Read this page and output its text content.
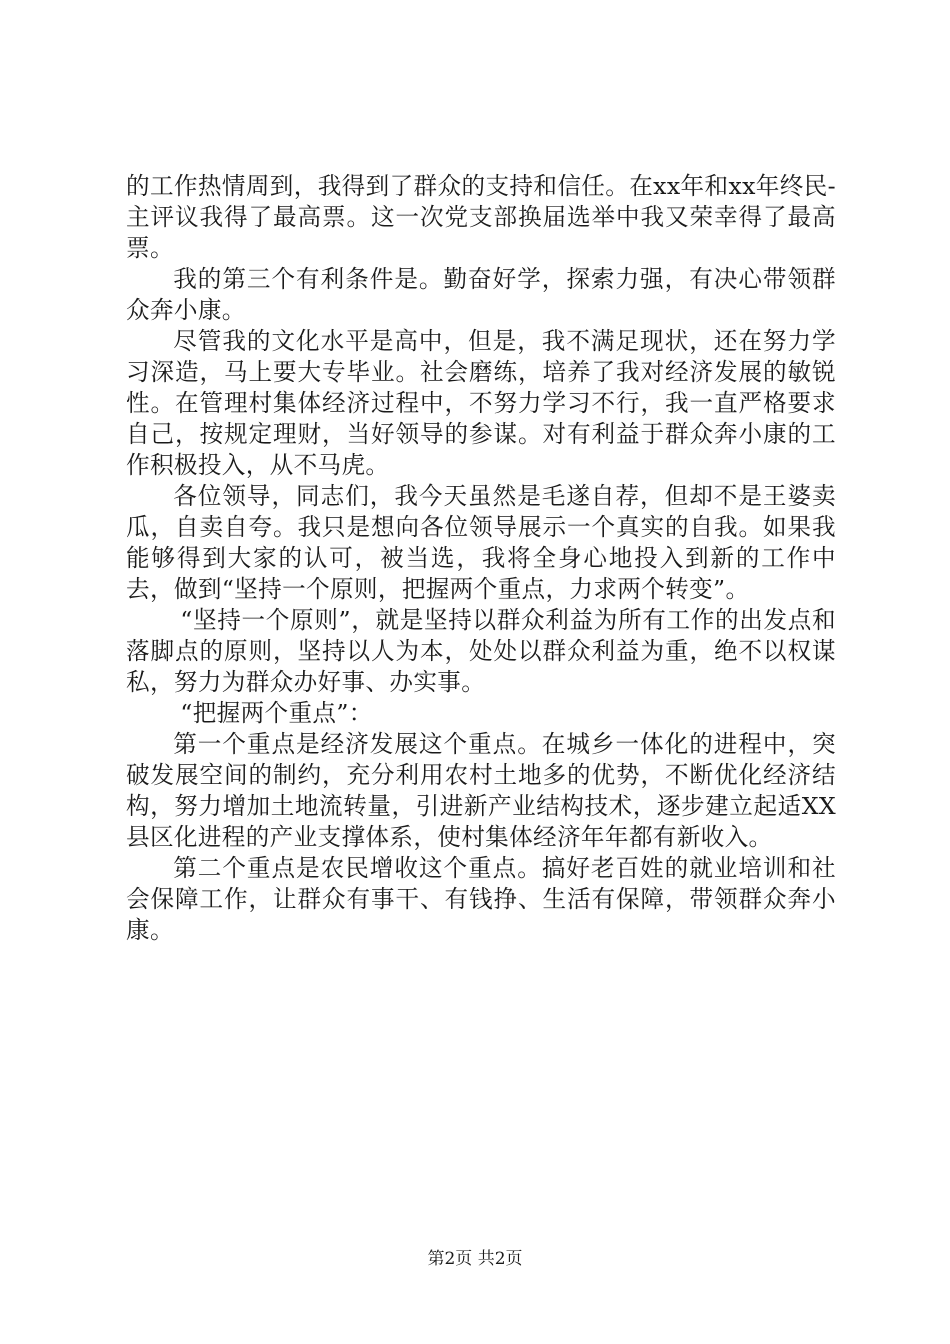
的工作热情周到，我得到了群众的支持和信任。在xx年和xx年终民-主评议我得了最高票。这一次党支部换届选举中我又荣幸得了最高票。

我的第三个有利条件是。勤奋好学，探索力强，有决心带领群众奔小康。

尽管我的文化水平是高中，但是，我不满足现状，还在努力学习深造，马上要大专毕业。社会磨练，培养了我对经济发展的敏锐性。在管理村集体经济过程中，不努力学习不行，我一直严格要求自己，按规定理财，当好领导的参谋。对有利益于群众奔小康的工作积极投入，从不马虎。

各位领导，同志们，我今天虽然是毛遂自荐，但却不是王婆卖瓜，自卖自夸。我只是想向各位领导展示一个真实的自我。如果我能够得到大家的认可，被当选，我将全身心地投入到新的工作中去，做到“坚持一个原则，把握两个重点，力求两个转变”。

“坚持一个原则”，就是坚持以群众利益为所有工作的出发点和落脚点的原则，坚持以人为本，处处以群众利益为重，绝不以权谋私，努力为群众办好事、办实事。

“把握两个重点”：

第一个重点是经济发展这个重点。在城乡一体化的进程中，突破发展空间的制约，充分利用农村土地多的优势，不断优化经济结构，努力增加土地流转量，引进新产业结构技术，逐步建立起适XX县区化进程的产业支撑体系，使村集体经济年年都有新收入。

第二个重点是农民增收这个重点。搞好老百姓的就业培训和社会保障工作，让群众有事干、有钱挣、生活有保障，带领群众奔小康。

第2页 共2页
